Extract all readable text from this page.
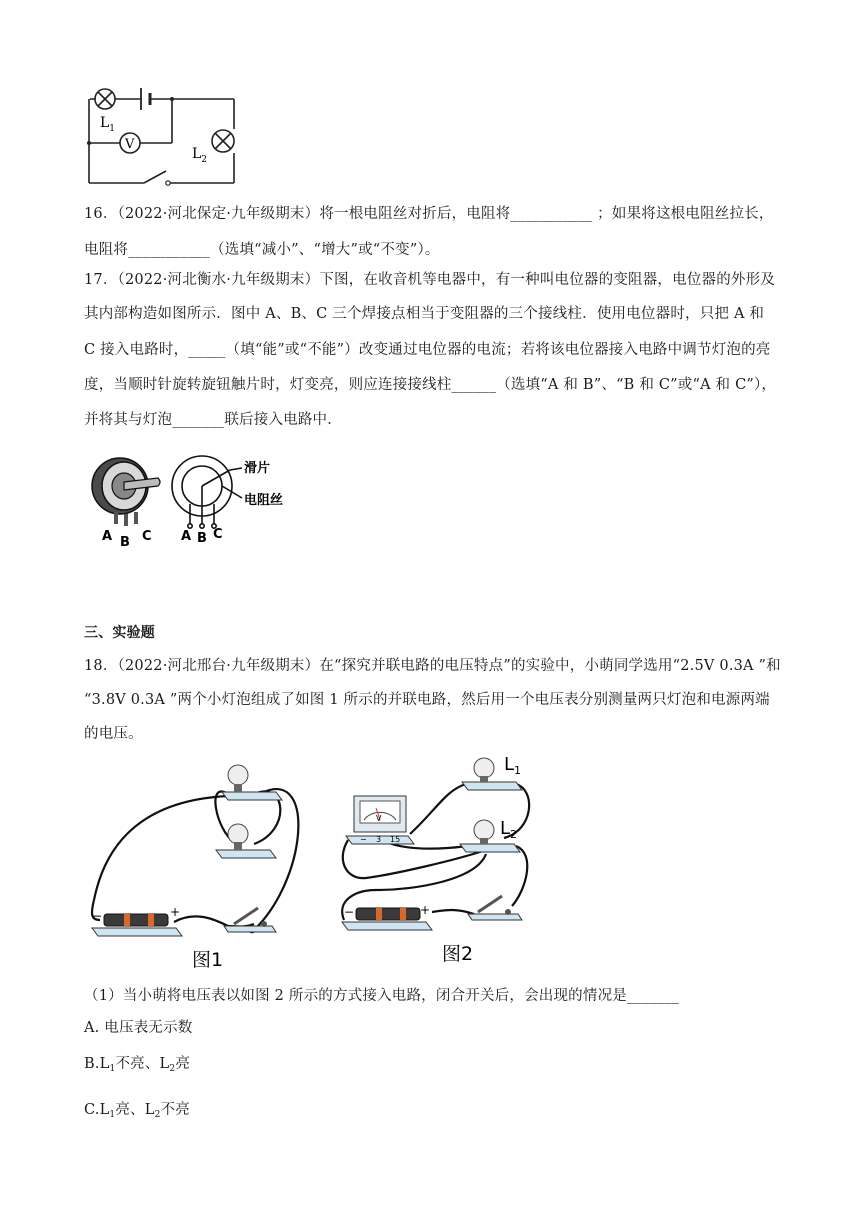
V
$L_1$
$L_2$
16．（2022·河北保定·九年级期末）将一根电阻丝对折后，电阻将___________ ；如果将这根电阻丝拉长，
电阻将___________（选填“减小”、“增大”或“不变”）。
17．（2022·河北衡水·九年级期末）下图，在收音机等电器中，有一种叫电位器的变阻器，电位器的外形及
其内部构造如图所示．图中 A、B、C 三个焊接点相当于变阻器的三个接线柱．使用电位器时，只把 A 和
C 接入电路时，_____（填“能”或“不能”）改变通过电位器的电流；若将该电位器接入电路中调节灯泡的亮
度，当顺时针旋转旋钮触片时，灯变亮，则应连接接线柱______（选填“A 和 B”、“B 和 C”或“A 和 C”），
并将其与灯泡_______联后接入电路中．
滑片
电阻丝
A B C A B C
三、实验题
18．（2022·河北邢台·九年级期末）在“探究并联电路的电压特点”的实验中，小萌同学选用“2.5V 0.3A ”和
“3.8V 0.3A ”两个小灯泡组成了如图 1 所示的并联电路，然后用一个电压表分别测量两只灯泡和电源两端
的电压。
−	+
图1
V
− 3 15
$L_1$
$L_2$
−	+
图2
（1）当小萌将电压表以如图 2 所示的方式接入电路，闭合开关后，会出现的情况是_______
A. 电压表无示数
$B.L_1$不亮、$L_2$亮
$C.L_1$亮、$L_2$不亮
